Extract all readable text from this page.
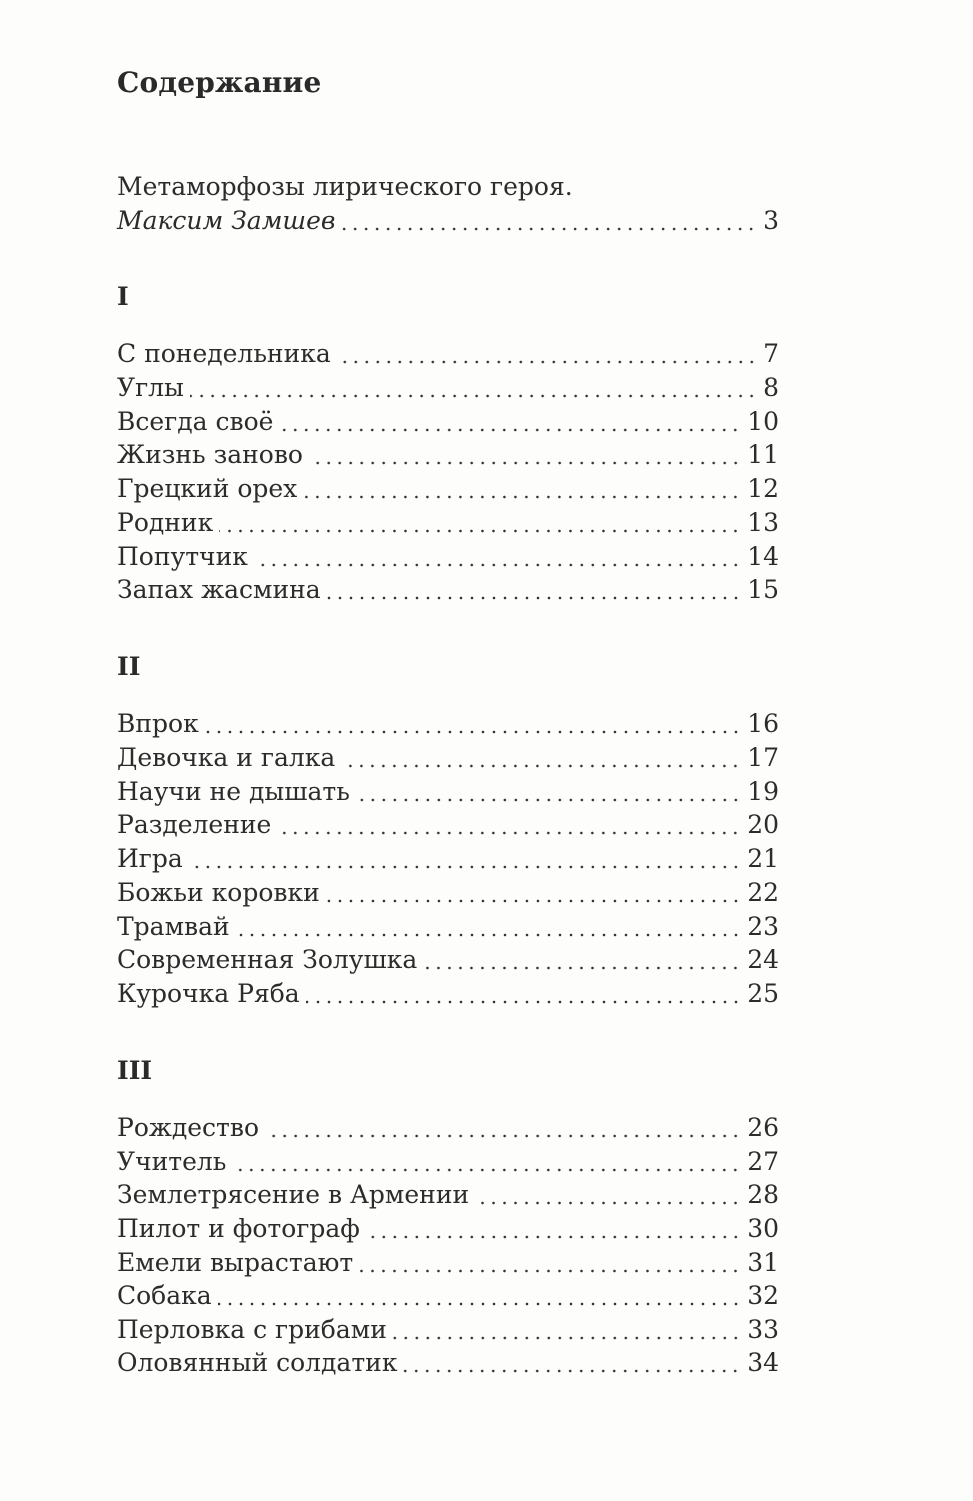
Содержание
Метаморфозы лирического героя.
Максим Замшев	3
I
С понедельника	7
Углы	8
Всегда своё	10
Жизнь заново	11
Грецкий орех	12
Родник	13
Попутчик	14
Запах жасмина	15
II
Впрок	16
Девочка и галка	17
Научи не дышать	19
Разделение	20
Игра	21
Божьи коровки	22
Трамвай	23
Современная Золушка	24
Курочка Ряба	25
III
Рождество	26
Учитель	27
Землетрясение в Армении	28
Пилот и фотограф	30
Емели вырастают	31
Собака	32
Перловка с грибами	33
Оловянный солдатик	34
